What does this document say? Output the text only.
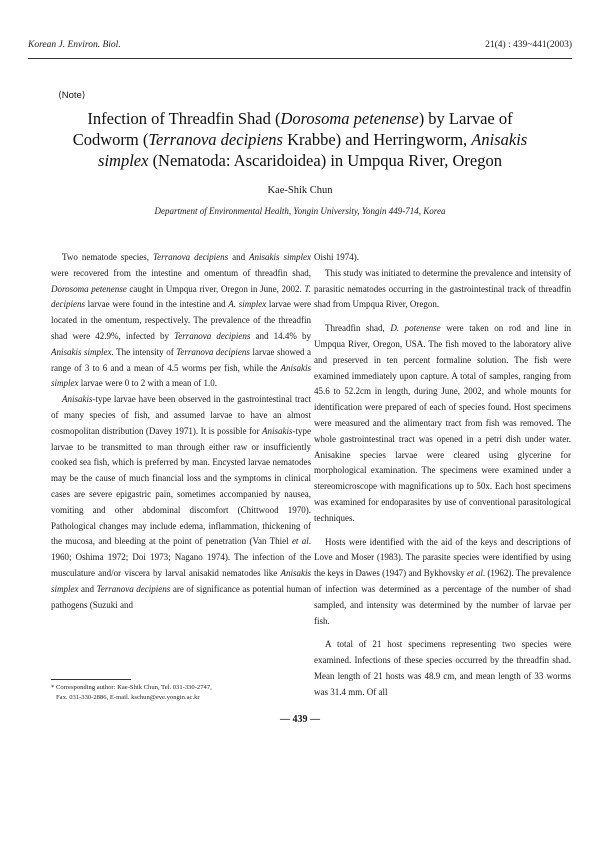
Korean J. Environ. Biol.	21(4) : 439~441(2003)
⟨Note⟩
Infection of Threadfin Shad (Dorosoma petenense) by Larvae of Codworm (Terranova decipiens Krabbe) and Herringworm, Anisakis simplex (Nematoda: Ascaridoidea) in Umpqua River, Oregon
Kae-Shik Chun
Department of Environmental Health, Yongin University, Yongin 449-714, Korea

Two nematode species, Terranova decipiens and Anisakis simplex were recovered from the intestine and omentum of threadfin shad, Dorosoma petenense caught in Umpqua river, Oregon in June, 2002. T. decipiens larvae were found in the intestine and A. simplex larvae were located in the omentum, respectively. The prevalence of the threadfin shad were 42.9%, infected by Terranova decipiens and 14.4% by Anisakis simplex. The intensity of Terranova decipiens larvae showed a range of 3 to 6 and a mean of 4.5 worms per fish, while the Anisakis simplex larvae were 0 to 2 with a mean of 1.0.

Anisakis-type larvae have been observed in the gastrointestinal tract of many species of fish, and assumed larvae to have an almost cosmopolitan distribution (Davey 1971). It is possible for Anisakis-type larvae to be transmitted to man through either raw or insufficiently cooked sea fish, which is preferred by man. Encysted larvae nematodes may be the cause of much financial loss and the symptoms in clinical cases are severe epigastric pain, sometimes accompanied by nausea, vomiting and other abdominal discomfort (Chittwood 1970). Pathological changes may include edema, inflammation, thickening of the mucosa, and bleeding at the point of penetration (Van Thiel et al. 1960; Oshima 1972; Doi 1973; Nagano 1974). The infection of the musculature and/or viscera by larval anisakid nematodes like Anisakis simplex and Terranova decipiens are of significance as potential human pathogens (Suzuki and

Oishi 1974).

This study was initiated to determine the prevalence and intensity of parasitic nematodes occurring in the gastrointestinal track of threadfin shad from Umpqua River, Oregon.

Threadfin shad, D. potenense were taken on rod and line in Umpqua River, Oregon, USA. The fish moved to the laboratory alive and preserved in ten percent formaline solution. The fish were examined immediately upon capture. A total of samples, ranging from 45.6 to 52.2cm in length, during June, 2002, and whole mounts for identification were prepared of each of species found. Host specimens were measured and the alimentary tract from fish was removed. The whole gastrointestinal tract was opened in a petri dish under water. Anisakine species larvae were cleared using glycerine for morphological examination. The specimens were examined under a stereomicroscope with magnifications up to 50x. Each host specimens was examined for endoparasites by use of conventional parasitological techniques.

Hosts were identified with the aid of the keys and descriptions of Love and Moser (1983). The parasite species were identified by using the keys in Dawes (1947) and Bykhovsky et al. (1962). The prevalence of infection was determined as a percentage of the number of shad sampled, and intensity was determined by the number of larvae per fish.

A total of 21 host specimens representing two species were examined. Infections of these species occurred by the threadfin shad. Mean length of 21 hosts was 48.9 cm, and mean length of 33 worms was 31.4 mm. Of all

* Corresponding author: Kae-Shik Chun, Tel. 031-330-2747,
Fax. 031-330-2886, E-mail. kschun@eve.yongin.ac.kr
— 439 —
